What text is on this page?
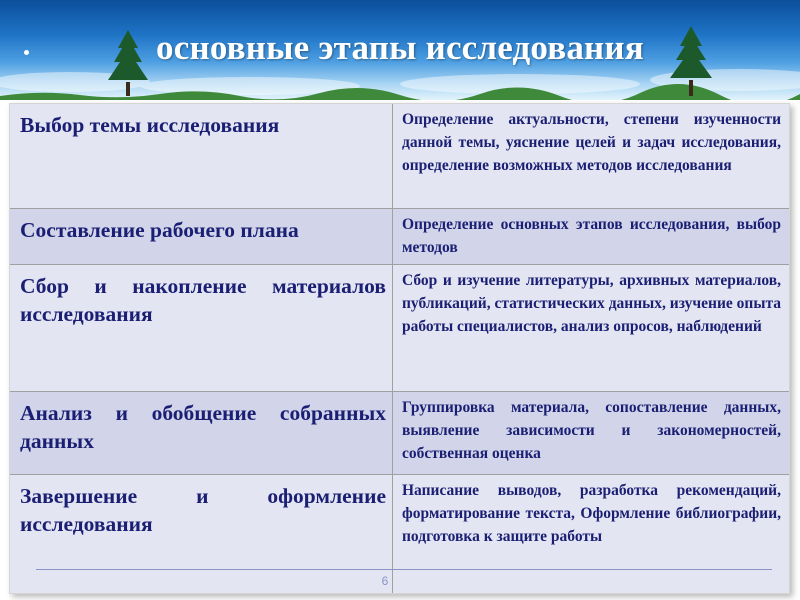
основные этапы исследования
Выбор темы исследования	Определение актуальности, степени изученности данной темы, уяснение целей и задач исследования, определение возможных методов исследования
Составление рабочего плана	Определение основных этапов исследования, выбор методов
Сбор и накопление материалов исследования	Сбор и изучение литературы, архивных материалов, публикаций, статистических данных, изучение опыта работы специалистов, анализ опросов, наблюдений
Анализ и обобщение собранных данных	Группировка материала, сопоставление данных, выявление зависимости и закономерностей, собственная оценка
Завершение и оформление исследования	Написание выводов, разработка рекомендаций, форматирование текста, Оформление библиографии, подготовка к защите работы
6
